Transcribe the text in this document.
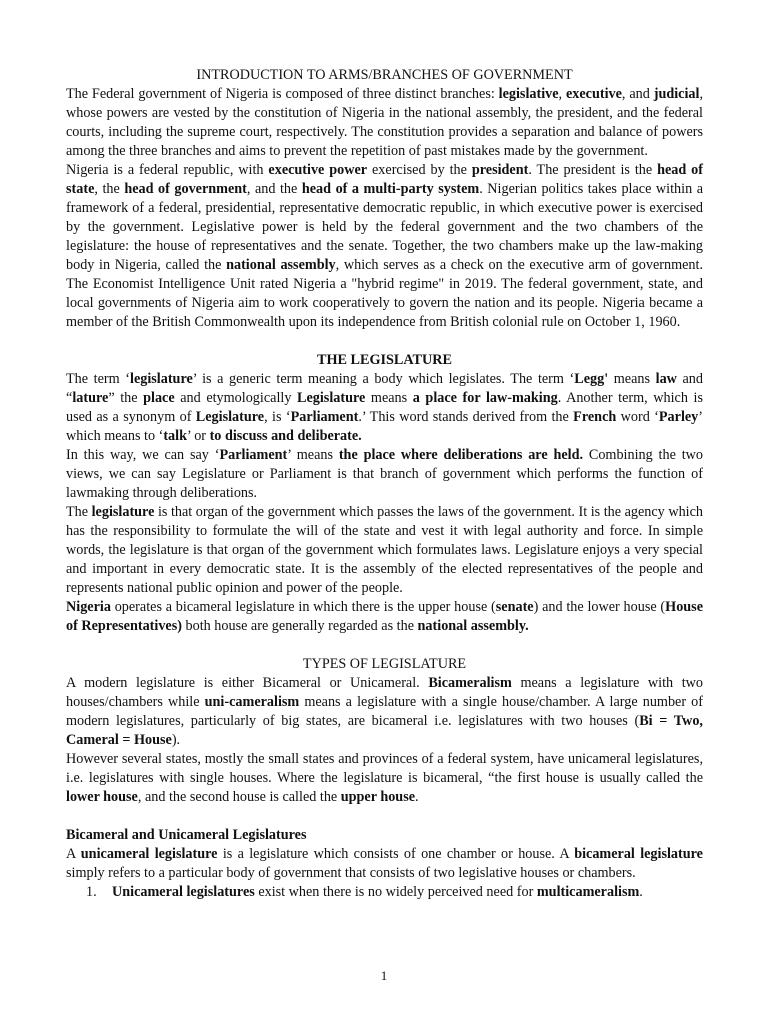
INTRODUCTION TO ARMS/BRANCHES OF GOVERNMENT

The Federal government of Nigeria is composed of three distinct branches: legislative, executive, and judicial, whose powers are vested by the constitution of Nigeria in the national assembly, the president, and the federal courts, including the supreme court, respectively. The constitution provides a separation and balance of powers among the three branches and aims to prevent the repetition of past mistakes made by the government.

Nigeria is a federal republic, with executive power exercised by the president. The president is the head of state, the head of government, and the head of a multi-party system. Nigerian politics takes place within a framework of a federal, presidential, representative democratic republic, in which executive power is exercised by the government. Legislative power is held by the federal government and the two chambers of the legislature: the house of representatives and the senate. Together, the two chambers make up the law-making body in Nigeria, called the national assembly, which serves as a check on the executive arm of government. The Economist Intelligence Unit rated Nigeria a "hybrid regime" in 2019. The federal government, state, and local governments of Nigeria aim to work cooperatively to govern the nation and its people. Nigeria became a member of the British Commonwealth upon its independence from British colonial rule on October 1, 1960.

THE LEGISLATURE

The term ‘legislature’ is a generic term meaning a body which legislates. The term ‘Legg' means law and “lature” the place and etymologically Legislature means a place for law-making. Another term, which is used as a synonym of Legislature, is ‘Parliament.’ This word stands derived from the French word ‘Parley’ which means to ‘talk’ or to discuss and deliberate.

In this way, we can say ‘Parliament’ means the place where deliberations are held. Combining the two views, we can say Legislature or Parliament is that branch of government which performs the function of lawmaking through deliberations.

The legislature is that organ of the government which passes the laws of the government. It is the agency which has the responsibility to formulate the will of the state and vest it with legal authority and force. In simple words, the legislature is that organ of the government which formulates laws. Legislature enjoys a very special and important in every democratic state. It is the assembly of the elected representatives of the people and represents national public opinion and power of the people.

Nigeria operates a bicameral legislature in which there is the upper house (senate) and the lower house (House of Representatives) both house are generally regarded as the national assembly.

TYPES OF LEGISLATURE

A modern legislature is either Bicameral or Unicameral. Bicameralism means a legislature with two houses/chambers while uni-cameralism means a legislature with a single house/chamber. A large number of modern legislatures, particularly of big states, are bicameral i.e. legislatures with two houses (Bi = Two, Cameral = House).

However several states, mostly the small states and provinces of a federal system, have unicameral legislatures, i.e. legislatures with single houses. Where the legislature is bicameral, “the first house is usually called the lower house, and the second house is called the upper house.

Bicameral and Unicameral Legislatures

A unicameral legislature is a legislature which consists of one chamber or house. A bicameral legislature simply refers to a particular body of government that consists of two legislative houses or chambers.

1.	Unicameral legislatures exist when there is no widely perceived need for multicameralism.

1
